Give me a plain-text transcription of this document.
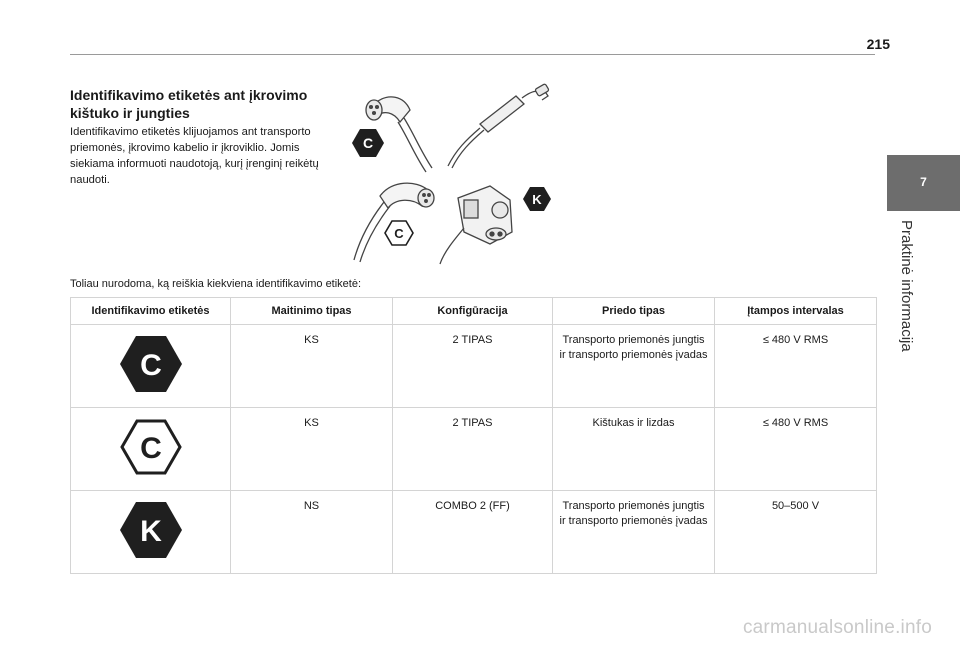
215
7
Praktinė informacija
Identifikavimo etiketės ant įkrovimo kištuko ir jungties
Identifikavimo etiketės klijuojamos ant transporto priemonės, įkrovimo kabelio ir įkroviklio. Jomis siekiama informuoti naudotoją, kurį įrenginį reikėtų naudoti.
C
K
C
Toliau nurodoma, ką reiškia kiekviena identifikavimo etiketė:
Identifikavimo etiketės	Maitinimo tipas	Konfigūracija	Priedo tipas	Įtampos intervalas

C	KS	2 TIPAS	Transporto priemonės jungtis ir transporto priemonės įvadas	≤ 480 V RMS

C	KS	2 TIPAS	Kištukas ir lizdas	≤ 480 V RMS

K	NS	COMBO 2 (FF)	Transporto priemonės jungtis ir transporto priemonės įvadas	50–500 V
carmanualsonline.info
